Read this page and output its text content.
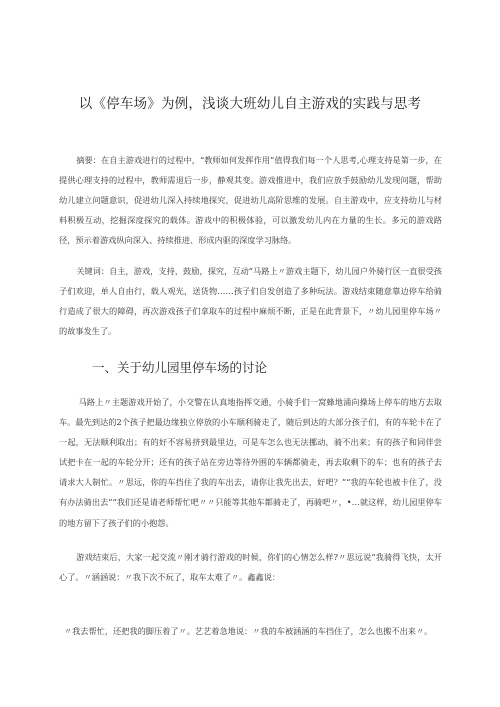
以《停车场》为例，浅谈大班幼儿自主游戏的实践与思考

摘要：在自主游戏进行的过程中，“教师如何发挥作用”值得我们每一个人思考,心理支持是第一步，在提供心理支持的过程中，教师需退后一步，静观其变。游戏推进中，我们应放手鼓励幼儿发现问题，帮助幼儿建立问题意识，促进幼儿深入持续地探究，促进幼儿高阶思维的发展。自主游戏中，应支持幼儿与材料积极互动，挖掘深度探究的载体。游戏中的积极体验，可以激发幼儿内在力量的生长。多元的游戏路径，预示着游戏纵向深入、持续推进、形成内驱的深度学习脉络。

关键词：自主，游戏，支持，鼓励，探究，互动”马路上〃游戏主题下，幼儿园户外骑行区一直很受孩子们欢迎，单人自由行，载人观光，送货物……孩子们自发创造了多种玩法。游戏结束随意靠边停车给骑行造成了很大的障碍，再次游戏孩子们拿取车的过程中麻烦不断，正是在此背景下，〃幼儿园里停车场〃的故事发生了。

一、关于幼儿园里停车场的讨论

马路上〃主题游戏开始了，小交警在认真地指挥交通，小骑手们一窝蜂地涌向操场上停车的地方去取车。最先到达的2个孩子把最边缘独立停放的小车顺利骑走了，随后到达的大部分孩子们，有的车轮卡在了一起，无法顺利取出；有的好不容易挤到最里边，可是车怎么也无法挪动，骑不出来；有的孩子和同伴尝试把卡在一起的车轮分开；还有的孩子站在旁边等待外围的车辆都骑走，再去取剩下的车；也有的孩子去请求大人制忙。〃思远，你的车挡住了我的车出去，请你让我先出去，好吧？”“我的车轮也被卡住了，没有办法骑出去”“我们还是请老师帮忙吧〃〃只能等其他车都骑走了，再骑吧〃，•…就这样，幼儿园里停车的地方留下了孩子们的小抱怨。

游戏结束后，大家一起交流〃刚才骑行游戏的时候，你们的心情怎么样?〃思远说“我骑得飞快，太开心了。〃涵涵说：〃我下次不玩了，取车太难了〃。鑫鑫说：

〃我去帮忙，还把我的脚压着了〃。艺艺着急地说：〃我的车被涵涵的车挡住了，怎么也搬不出来〃。
